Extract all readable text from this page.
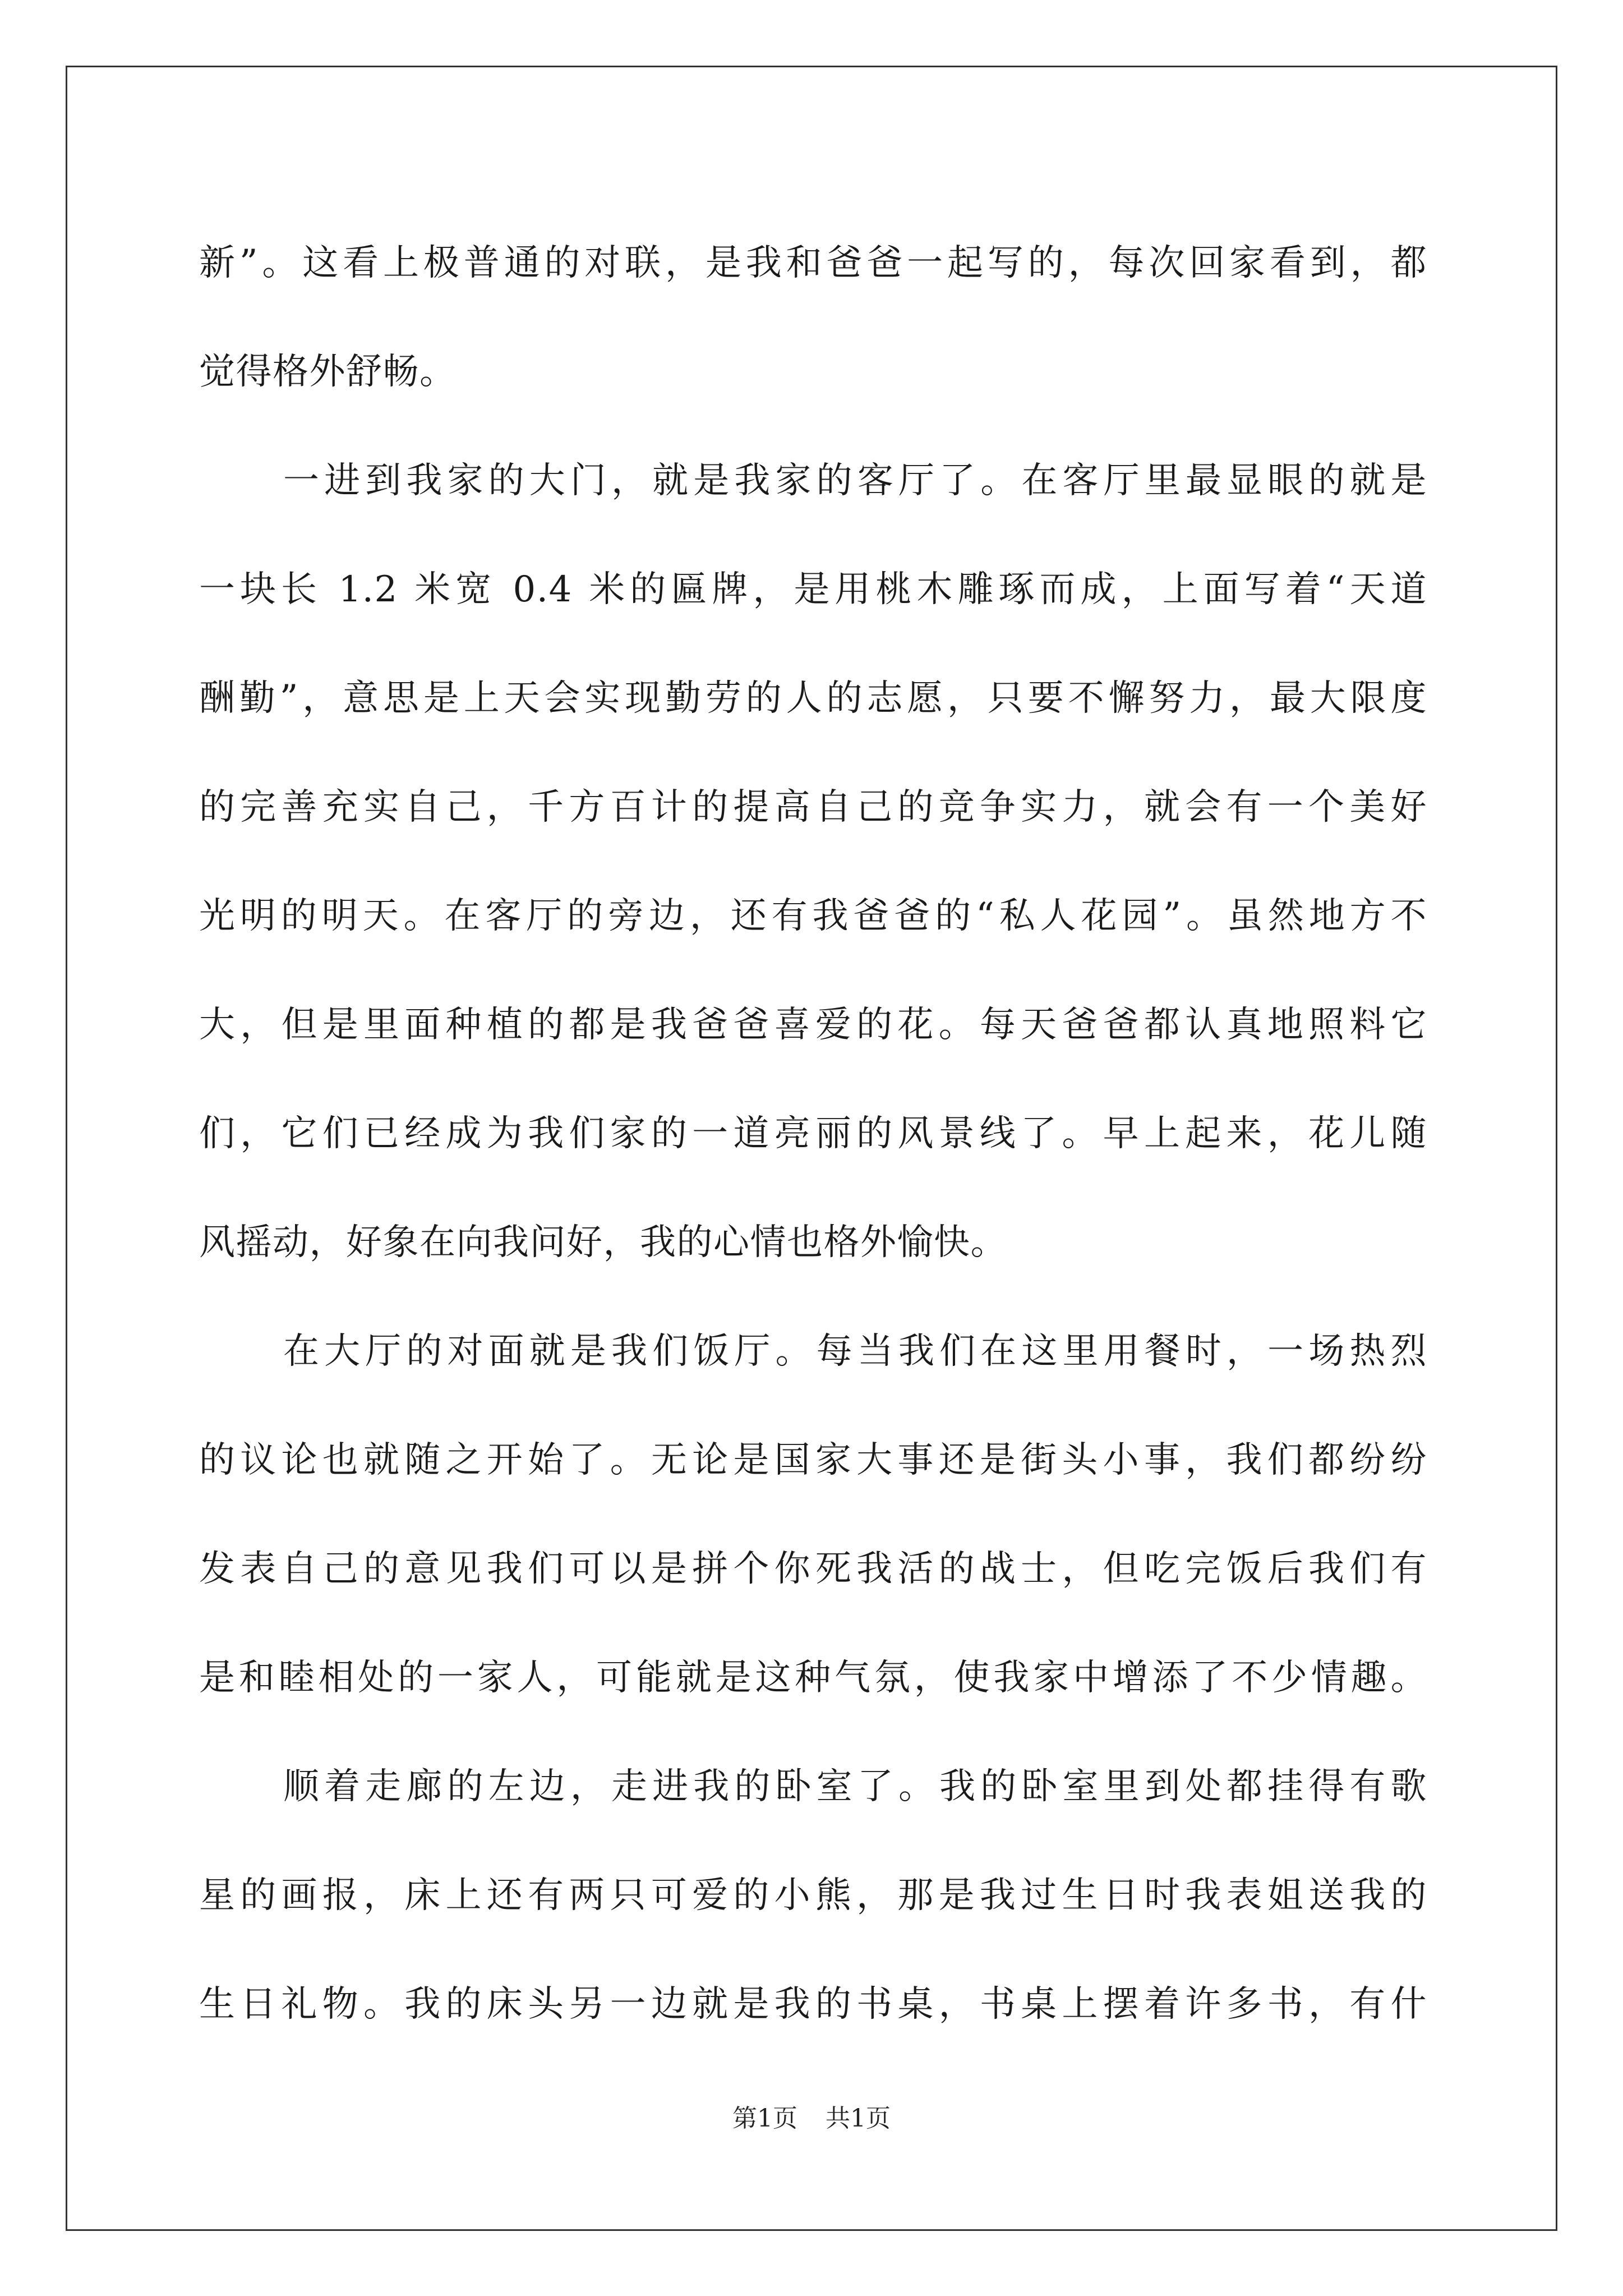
新”。这看上极普通的对联，是我和爸爸一起写的，每次回家看到，都
觉得格外舒畅。
一进到我家的大门，就是我家的客厅了。在客厅里最显眼的就是
一块长 1.2 米宽 0.4 米的匾牌，是用桃木雕琢而成，上面写着“天道
酬勤”，意思是上天会实现勤劳的人的志愿，只要不懈努力，最大限度
的完善充实自己，千方百计的提高自己的竞争实力，就会有一个美好
光明的明天。在客厅的旁边，还有我爸爸的“私人花园”。虽然地方不
大，但是里面种植的都是我爸爸喜爱的花。每天爸爸都认真地照料它
们，它们已经成为我们家的一道亮丽的风景线了。早上起来，花儿随
风摇动，好象在向我问好，我的心情也格外愉快。
在大厅的对面就是我们饭厅。每当我们在这里用餐时，一场热烈
的议论也就随之开始了。无论是国家大事还是街头小事，我们都纷纷
发表自己的意见我们可以是拼个你死我活的战士，但吃完饭后我们有
是和睦相处的一家人，可能就是这种气氛，使我家中增添了不少情趣。
顺着走廊的左边，走进我的卧室了。我的卧室里到处都挂得有歌
星的画报，床上还有两只可爱的小熊，那是我过生日时我表姐送我的
生日礼物。我的床头另一边就是我的书桌，书桌上摆着许多书，有什
第1页 共1页
